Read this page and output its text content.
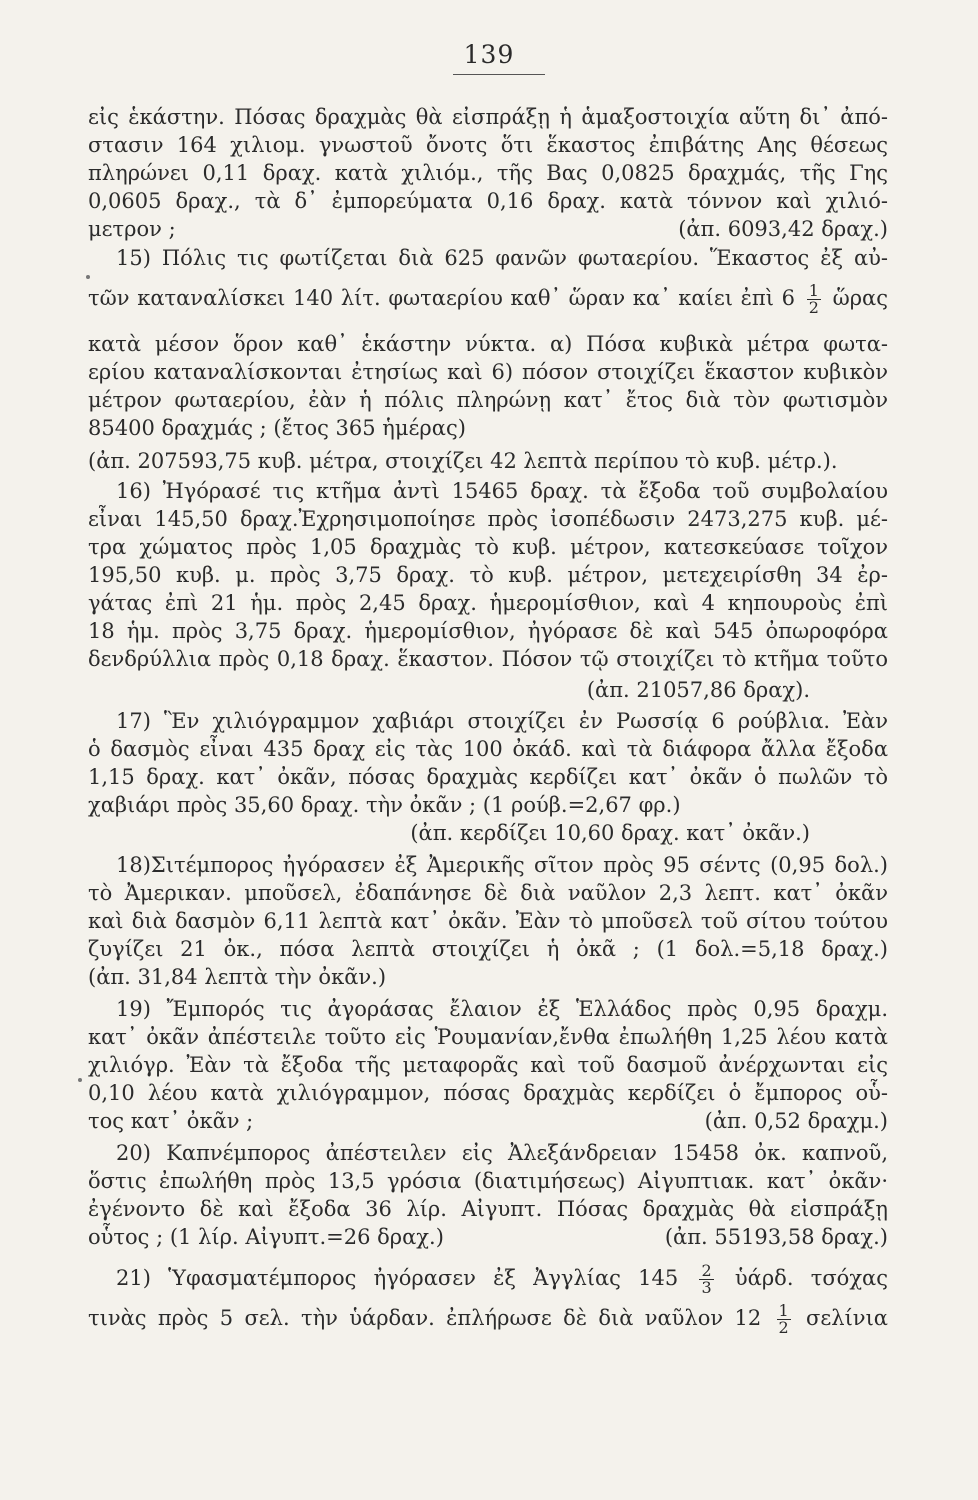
139
εἰς ἑκάστην. Πόσας δραχμὰς θὰ εἰσπράξῃ ἡ ἁμαξοστοιχία αὕτη δι᾽ ἀπό-
στασιν 164 χιλιομ. γνωστοῦ ὄνοτς ὅτι ἕκαστος ἐπιβάτης Αης θέσεως
πληρώνει 0,11 δραχ. κατὰ χιλιόμ., τῆς Βας 0,0825 δραχμάς, τῆς Γης
0,0605 δραχ., τὰ δ᾽ ἐμπορεύματα 0,16 δραχ. κατὰ τόννον καὶ χιλιό-
μετρον ;	(ἀπ. 6093,42 δραχ.)
15) Πόλις τις φωτίζεται διὰ 625 φανῶν φωταερίου. Ἕκαστος ἐξ αὐ-
τῶν καταναλίσκει 140 λίτ. φωταερίου καθ᾽ ὥραν κα᾽ καίει ἐπὶ $6 \frac{1}{2}$ ὥρας
κατὰ μέσον ὅρον καθ᾽ ἑκάστην νύκτα. α) Πόσα κυβικὰ μέτρα φωτα-
ερίου καταναλίσκονται ἐτησίως καὶ 6) πόσον στοιχίζει ἕκαστον κυβικὸν
μέτρον φωταερίου, ἐὰν ἡ πόλις πληρώνῃ κατ᾽ ἔτος διὰ τὸν φωτισμὸν
85400 δραχμάς ; (ἔτος 365 ἡμέρας)
(ἀπ. 207593,75 κυβ. μέτρα, στοιχίζει 42 λεπτὰ περίπου τὸ κυβ. μέτρ.).
16) Ἠγόρασέ τις κτῆμα ἀντὶ 15465 δραχ. τὰ ἔξοδα τοῦ συμβολαίου
εἶναι 145,50 δραχ.Ἐχρησιμοποίησε πρὸς ἰσοπέδωσιν 2473,275 κυβ. μέ-
τρα χώματος πρὸς 1,05 δραχμὰς τὸ κυβ. μέτρον, κατεσκεύασε τοῖχον
195,50 κυβ. μ. πρὸς 3,75 δραχ. τὸ κυβ. μέτρον, μετεχειρίσθη 34 ἐρ-
γάτας ἐπὶ 21 ἡμ. πρὸς 2,45 δραχ. ἡμερομίσθιον, καὶ 4 κηπουροὺς ἐπὶ
18 ἡμ. πρὸς 3,75 δραχ. ἡμερομίσθιον, ἠγόρασε δὲ καὶ 545 ὀπωροφόρα
δενδρύλλια πρὸς 0,18 δραχ. ἕκαστον. Πόσον τῷ στοιχίζει τὸ κτῆμα τοῦτο
(ἀπ. 21057,86 δραχ).
17) Ἓν χιλιόγραμμον χαβιάρι στοιχίζει ἐν Ρωσσίᾳ 6 ρούβλια. Ἐὰν
ὁ δασμὸς εἶναι 435 δραχ εἰς τὰς 100 ὀκάδ. καὶ τὰ διάφορα ἄλλα ἔξοδα
1,15 δραχ. κατ᾽ ὀκᾶν, πόσας δραχμὰς κερδίζει κατ᾽ ὀκᾶν ὁ πωλῶν τὸ
χαβιάρι πρὸς 35,60 δραχ. τὴν ὀκᾶν ; (1 ρούβ.=2,67 φρ.)
(ἀπ. κερδίζει 10,60 δραχ. κατ᾽ ὀκᾶν.)
18)Σιτέμπορος ἠγόρασεν ἐξ Ἀμερικῆς σῖτον πρὸς 95 σέντς (0,95 δολ.)
τὸ Ἀμερικαν. μποῦσελ, ἐδαπάνησε δὲ διὰ ναῦλον 2,3 λεπτ. κατ᾽ ὀκᾶν
καὶ διὰ δασμὸν 6,11 λεπτὰ κατ᾽ ὀκᾶν. Ἐὰν τὸ μποῦσελ τοῦ σίτου τούτου
ζυγίζει 21 ὀκ., πόσα λεπτὰ στοιχίζει ἡ ὀκᾶ ; (1 δολ.=5,18 δραχ.)
(ἀπ. 31,84 λεπτὰ τὴν ὀκᾶν.)
19) Ἔμπορός τις ἀγοράσας ἔλαιον ἐξ Ἑλλάδος πρὸς 0,95 δραχμ.
κατ᾽ ὀκᾶν ἀπέστειλε τοῦτο εἰς Ῥουμανίαν,ἔνθα ἐπωλήθη 1,25 λέου κατὰ
χιλιόγρ. Ἐὰν τὰ ἔξοδα τῆς μεταφορᾶς καὶ τοῦ δασμοῦ ἀνέρχωνται εἰς
0,10 λέου κατὰ χιλιόγραμμον, πόσας δραχμὰς κερδίζει ὁ ἔμπορος οὗ-
τος κατ᾽ ὀκᾶν ;	(ἀπ. 0,52 δραχμ.)
20) Καπνέμπορος ἀπέστειλεν εἰς Ἀλεξάνδρειαν 15458 ὀκ. καπνοῦ,
ὅστις ἐπωλήθη πρὸς 13,5 γρόσια (διατιμήσεως) Αἰγυπτιακ. κατ᾽ ὀκᾶν·
ἐγένοντο δὲ καὶ ἔξοδα 36 λίρ. Αἰγυπτ. Πόσας δραχμὰς θὰ εἰσπράξῃ
οὗτος ; (1 λίρ. Αἰγυπτ.=26 δραχ.)	(ἀπ. 55193,58 δραχ.)
21) Ὑφασματέμπορος ἠγόρασεν ἐξ Ἀγγλίας $145 \frac{2}{3}$ ὑάρδ. τσόχας
τινὰς πρὸς 5 σελ. τὴν ὑάρδαν. ἐπλήρωσε δὲ διὰ ναῦλον $12 \frac{1}{2}$ σελίνια
